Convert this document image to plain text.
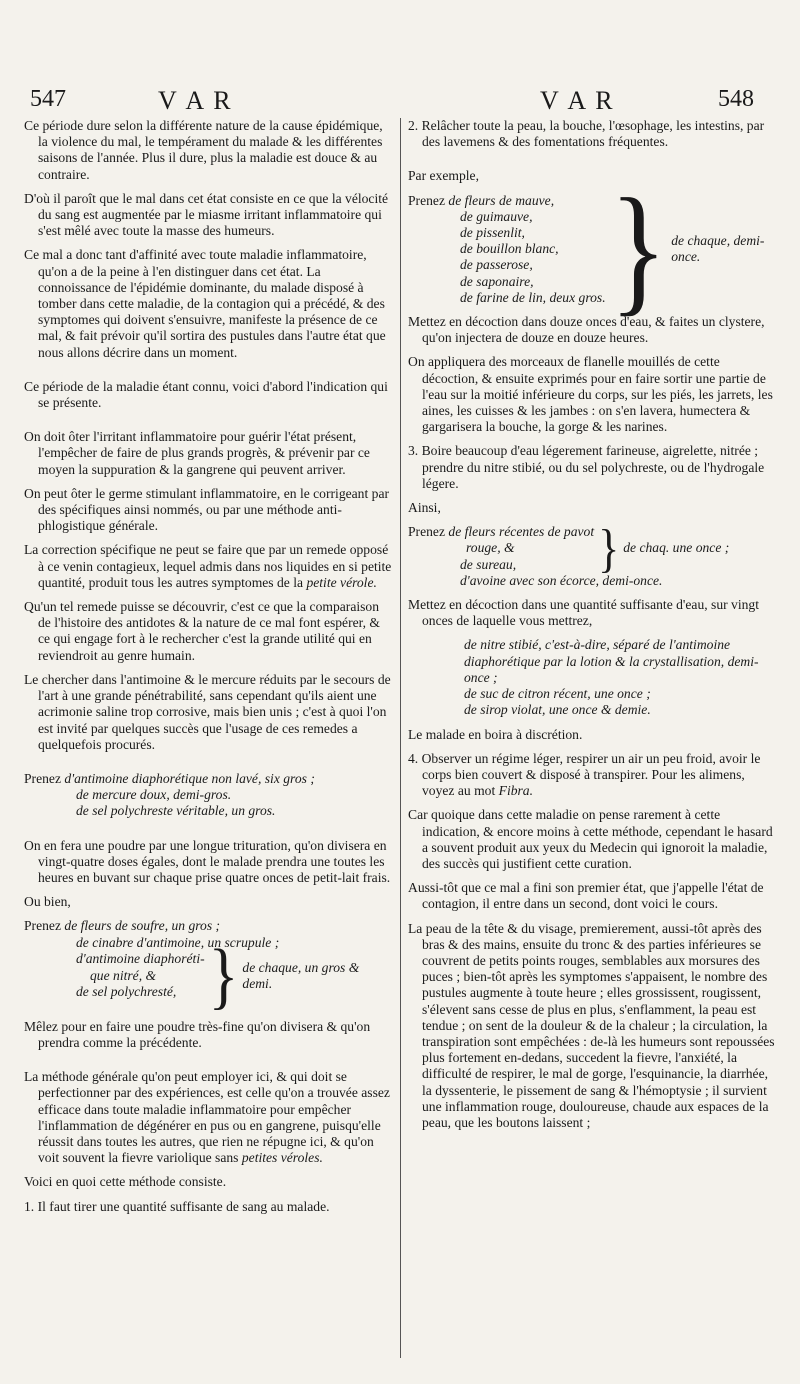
547	V A R	V A R	548

Ce période dure selon la différente nature de la cause épidémique, la violence du mal, le tempérament du malade & les différentes saisons de l'année. Plus il dure, plus la maladie est douce & au contraire.

D'où il paroît que le mal dans cet état consiste en ce que la vélocité du sang est augmentée par le miasme irritant inflammatoire qui s'est mêlé avec toute la masse des humeurs.

Ce mal a donc tant d'affinité avec toute maladie inflammatoire, qu'on a de la peine à l'en distinguer dans cet état. La connoissance de l'épidémie dominante, du malade disposé à tomber dans cette maladie, de la contagion qui a précédé, & des symptomes qui doivent s'ensuivre, manifeste la présence de ce mal, & fait prévoir qu'il sortira des pustules dans l'autre état que nous allons décrire dans un moment.

Ce période de la maladie étant connu, voici d'abord l'indication qui se présente.

On doit ôter l'irritant inflammatoire pour guérir l'état présent, l'empêcher de faire de plus grands progrès, & prévenir par ce moyen la suppuration & la gangrene qui peuvent arriver.

On peut ôter le germe stimulant inflammatoire, en le corrigeant par des spécifiques ainsi nommés, ou par une méthode anti-phlogistique générale.

La correction spécifique ne peut se faire que par un remede opposé à ce venin contagieux, lequel admis dans nos liquides en si petite quantité, produit tous les autres symptomes de la petite vérole.

Qu'un tel remede puisse se découvrir, c'est ce que la comparaison de l'histoire des antidotes & la nature de ce mal font espérer, & ce qui engage fort à le rechercher c'est la grande utilité qui en reviendroit au genre humain.

Le chercher dans l'antimoine & le mercure réduits par le secours de l'art à une grande pénétrabilité, sans cependant qu'ils aient une acrimonie saline trop corrosive, mais bien unis ; c'est à quoi l'on est invité par quelques succès que l'usage de ces remedes a quelquefois procurés.

Prenez d'antimoine diaphorétique non lavé, six gros ;
de mercure doux, demi-gros.
de sel polychreste véritable, un gros.

On en fera une poudre par une longue trituration, qu'on divisera en vingt-quatre doses égales, dont le malade prendra une toutes les heures en buvant sur chaque prise quatre onces de petit-lait frais.

Ou bien,

Prenez de fleurs de soufre, un gros ;
de cinabre d'antimoine, un scrupule ;
d'antimoine diaphoréti-
que nitré, &
de sel polychresté, } de chaque, un gros & demi.

Mêlez pour en faire une poudre très-fine qu'on divisera & qu'on prendra comme la précédente.

La méthode générale qu'on peut employer ici, & qui doit se perfectionner par des expériences, est celle qu'on a trouvée assez efficace dans toute maladie inflammatoire pour empêcher l'inflammation de dégénérer en pus ou en gangrene, puisqu'elle réussit dans toutes les autres, que rien ne répugne ici, & qu'on voit souvent la fievre variolique sans petites véroles.

Voici en quoi cette méthode consiste.

1. Il faut tirer une quantité suffisante de sang au malade.

2. Relâcher toute la peau, la bouche, l'œsophage, les intestins, par des lavemens & des fomentations fréquentes.

Par exemple,

Prenez de fleurs de mauve,
de guimauve,
de pissenlit,
de bouillon blanc,
de passerose,
de saponaire,
de farine de lin, deux gros. } de chaque, demi-once.

Mettez en décoction dans douze onces d'eau, & faites un clystere, qu'on injectera de douze en douze heures.

On appliquera des morceaux de flanelle mouillés de cette décoction, & ensuite exprimés pour en faire sortir une partie de l'eau sur la moitié inférieure du corps, sur les piés, les jarrets, les aines, les cuisses & les jambes : on s'en lavera, humectera & gargarisera la bouche, la gorge & les narines.

3. Boire beaucoup d'eau légerement farineuse, aigrelette, nitrée ; prendre du nitre stibié, ou du sel polychreste, ou de l'hydrogale légere.

Ainsi,

Prenez de fleurs récentes de pavot
rouge, &
de sureau,	} de chaq. une once ;
d'avoine avec son écorce, demi-once.

Mettez en décoction dans une quantité suffisante d'eau, sur vingt onces de laquelle vous mettrez,

de nitre stibié, c'est-à-dire, séparé de l'antimoine diaphorétique par la lotion & la crystallisation, demi-once ;
de suc de citron récent, une once ;
de sirop violat, une once & demie.

Le malade en boira à discrétion.

4. Observer un régime léger, respirer un air un peu froid, avoir le corps bien couvert & disposé à transpirer. Pour les alimens, voyez au mot Fibra.

Car quoique dans cette maladie on pense rarement à cette indication, & encore moins à cette méthode, cependant le hasard a souvent produit aux yeux du Medecin qui ignoroit la maladie, des succès qui justifient cette curation.

Aussi-tôt que ce mal a fini son premier état, que j'appelle l'état de contagion, il entre dans un second, dont voici le cours.

La peau de la tête & du visage, premierement, aussi-tôt après des bras & des mains, ensuite du tronc & des parties inférieures se couvrent de petits points rouges, semblables aux morsures des puces ; bien-tôt après les symptomes s'appaisent, le nombre des pustules augmente à toute heure ; elles grossissent, rougissent, s'élevent sans cesse de plus en plus, s'enflamment, la peau est tendue ; on sent de la douleur & de la chaleur ; la circulation, la transpiration sont empêchées : de-là les humeurs sont repoussées plus fortement en-dedans, succedent la fievre, l'anxiété, la difficulté de respirer, le mal de gorge, l'esquinancie, la diarrhée, la dyssenterie, le pissement de sang & l'hémoptysie ; il survient une inflammation rouge, douloureuse, chaude aux espaces de la peau, que les boutons laissent ;
